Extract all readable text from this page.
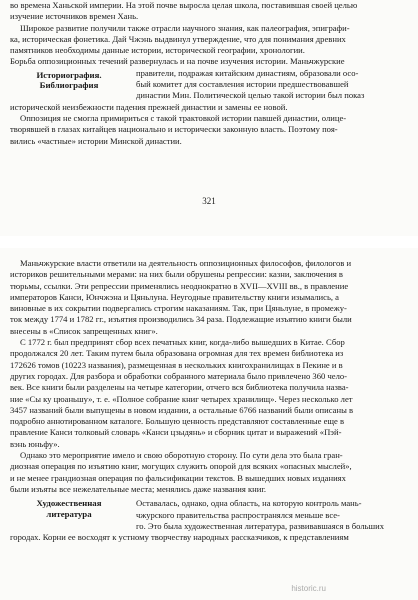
во времена Ханьской империи. На этой почве выросла целая школа, поставившая своей целью
изучение источников времен Хань.
Широкое развитие получили также отрасли научного знания, как палеография, эпиграфи-
ка, историческая фонетика. Дай Чжэнь выдвинул утверждение, что для понимания древних
памятников необходимы данные истории, исторической географии, хронологии.
Борьба оппозиционных течений развернулась и на почве изучения истории. Маньчжурские
Историография.
Библиография
правители, подражая китайским династиям, образовали осо-
бый комитет для составления истории предшествовавшей
династии Мин. Политической целью такой истории был показ
исторической неизбежности падения прежней династии и замены ее новой.
Оппозиция не смогла примириться с такой трактовкой истории павшей династии, олице-
творявшей в глазах китайцев национально и исторически законную власть. Поэтому поя-
вились «частные» истории Минской династии.
321
Маньчжурские власти ответили на деятельность оппозиционных философов, филологов и
историков решительными мерами: на них были обрушены репрессии: казни, заключения в
тюрьмы, ссылки. Эти репрессии применялись неоднократно в XVII—XVIII вв., в правление
императоров Канси, Юнчжэна и Цяньлуна. Неугодные правительству книги изымались, а
виновные в их сокрытии подвергались строгим наказаниям. Так, при Цяньлуне, в промежу-
ток между 1774 и 1782 гг., изъятия производились 34 раза. Подлежащие изъятию книги были
внесены в «Список запрещенных книг».
С 1772 г. был предпринят сбор всех печатных книг, когда-либо вышедших в Китае. Сбор
продолжался 20 лет. Таким путем была образована огромная для тех времен библиотека из
172626 томов (10223 названия), размещенная в нескольких книгохранилищах в Пекине и в
других городах. Для разбора и обработки собранного материала было привлечено 360 чело-
век. Все книги были разделены на четыре категории, отчего вся библиотека получила назва-
ние «Сы ку цюаньшу», т. е. «Полное собрание книг четырех хранилищ». Через несколько лет
3457 названий были выпущены в новом издании, а остальные 6766 названий были описаны в
подробно аннотированном каталоге. Большую ценность представляют составленные еще в
правление Канси толковый словарь «Канси цзыдянь» и сборник цитат и выражений «Пэй-
вэнь юньфу».
Однако это мероприятие имело и свою оборотную сторону. По сути дела это была гран-
диозная операция по изъятию книг, могущих служить опорой для всяких «опасных мыслей»,
и не менее грандиозная операция по фальсификации текстов. В вышедших новых изданиях
были изъяты все нежелательные места; менялись даже названия книг.
Художественная
литература
Оставалась, однако, одна область, на которую контроль мань-
чжурского правительства распространялся меньше все-
го. Это была художественная литература, развивавшаяся в больших
городах. Корни ее восходят к устному творчеству народных рассказчиков, к представлениям
historic.ru
